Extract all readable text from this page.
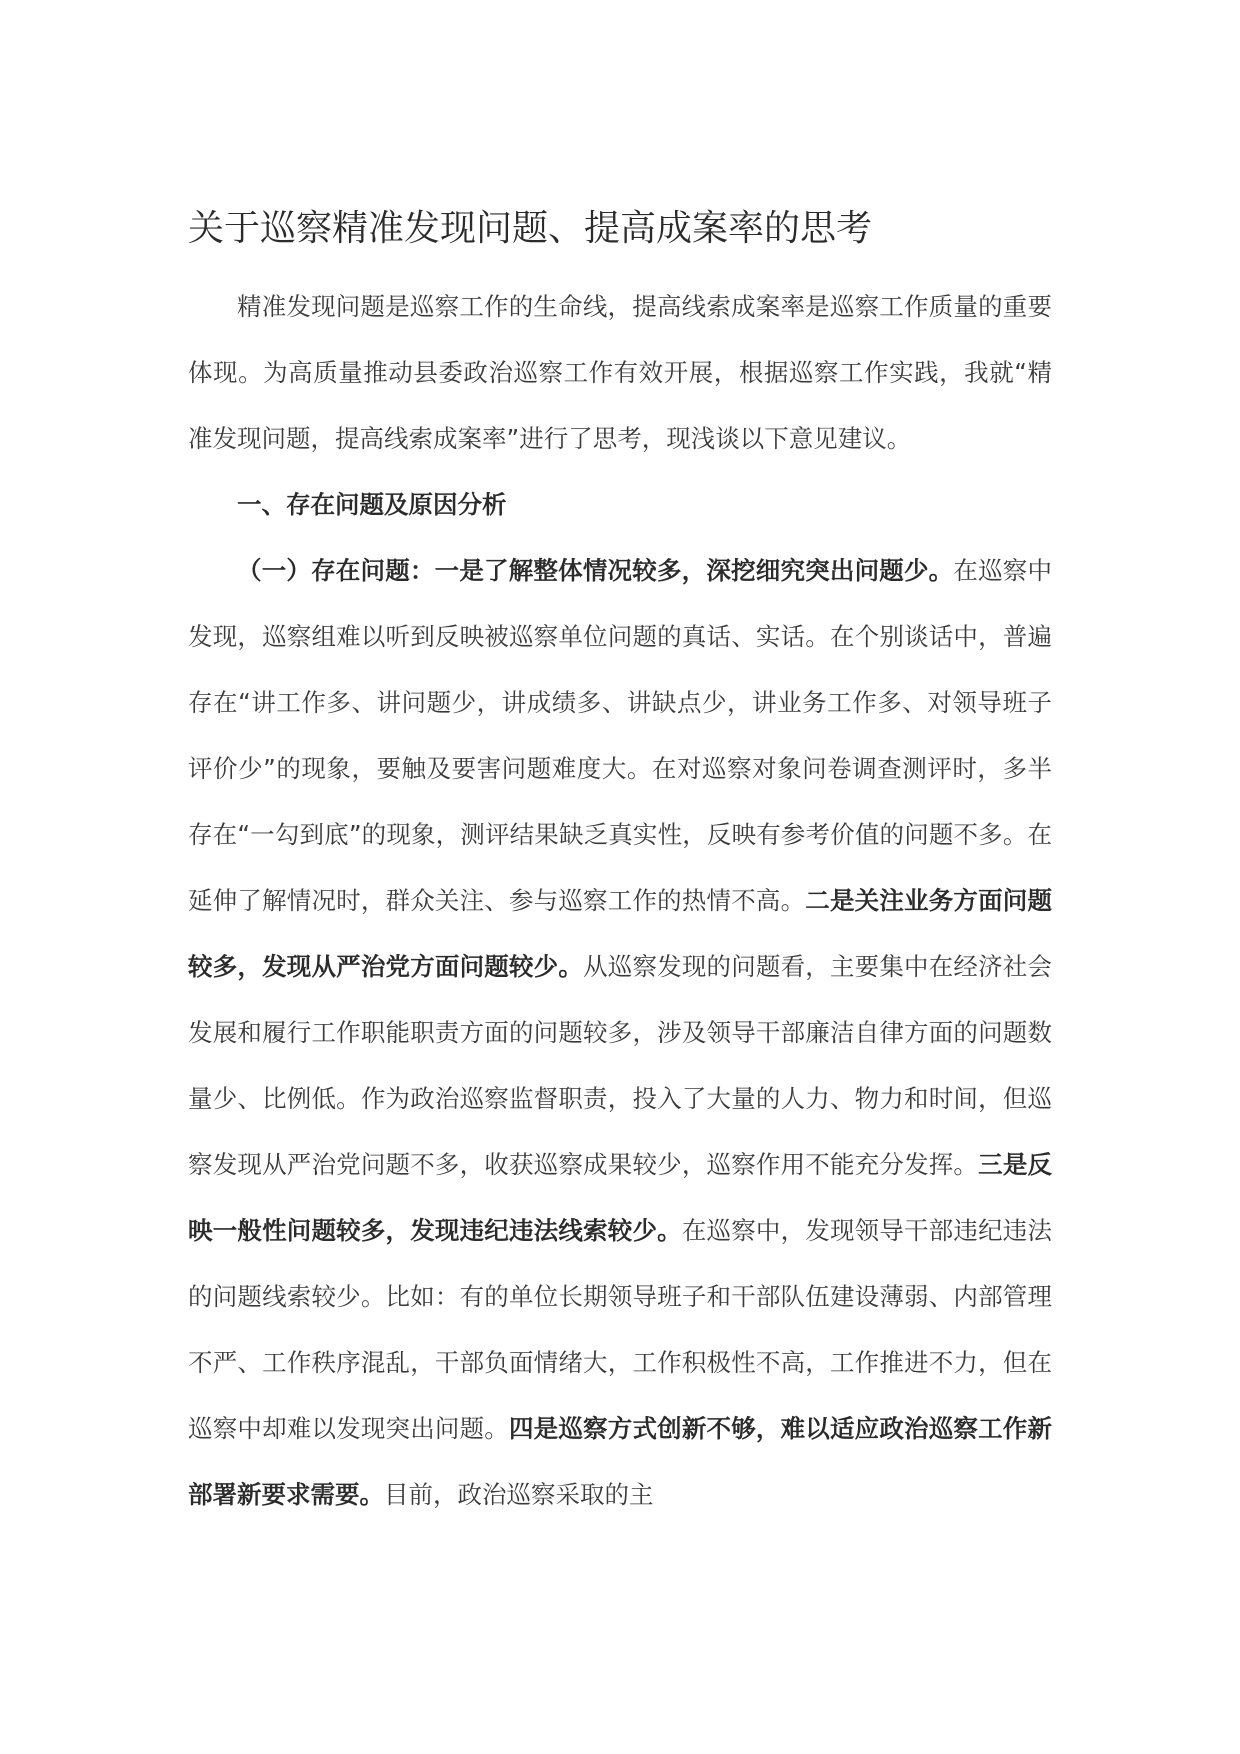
关于巡察精准发现问题、提高成案率的思考

精准发现问题是巡察工作的生命线，提高线索成案率是巡察工作质量的重要体现。为高质量推动县委政治巡察工作有效开展，根据巡察工作实践，我就“精准发现问题，提高线索成案率”进行了思考，现浅谈以下意见建议。

一、存在问题及原因分析

（一）存在问题：一是了解整体情况较多，深挖细究突出问题少。在巡察中发现，巡察组难以听到反映被巡察单位问题的真话、实话。在个别谈话中，普遍存在“讲工作多、讲问题少，讲成绩多、讲缺点少，讲业务工作多、对领导班子评价少”的现象，要触及要害问题难度大。在对巡察对象问卷调查测评时，多半存在“一勾到底”的现象，测评结果缺乏真实性，反映有参考价值的问题不多。在延伸了解情况时，群众关注、参与巡察工作的热情不高。二是关注业务方面问题较多，发现从严治党方面问题较少。从巡察发现的问题看，主要集中在经济社会发展和履行工作职能职责方面的问题较多，涉及领导干部廉洁自律方面的问题数量少、比例低。作为政治巡察监督职责，投入了大量的人力、物力和时间，但巡察发现从严治党问题不多，收获巡察成果较少，巡察作用不能充分发挥。三是反映一般性问题较多，发现违纪违法线索较少。在巡察中，发现领导干部违纪违法的问题线索较少。比如：有的单位长期领导班子和干部队伍建设薄弱、内部管理不严、工作秩序混乱，干部负面情绪大，工作积极性不高，工作推进不力，但在巡察中却难以发现突出问题。四是巡察方式创新不够，难以适应政治巡察工作新部署新要求需要。目前，政治巡察采取的主
